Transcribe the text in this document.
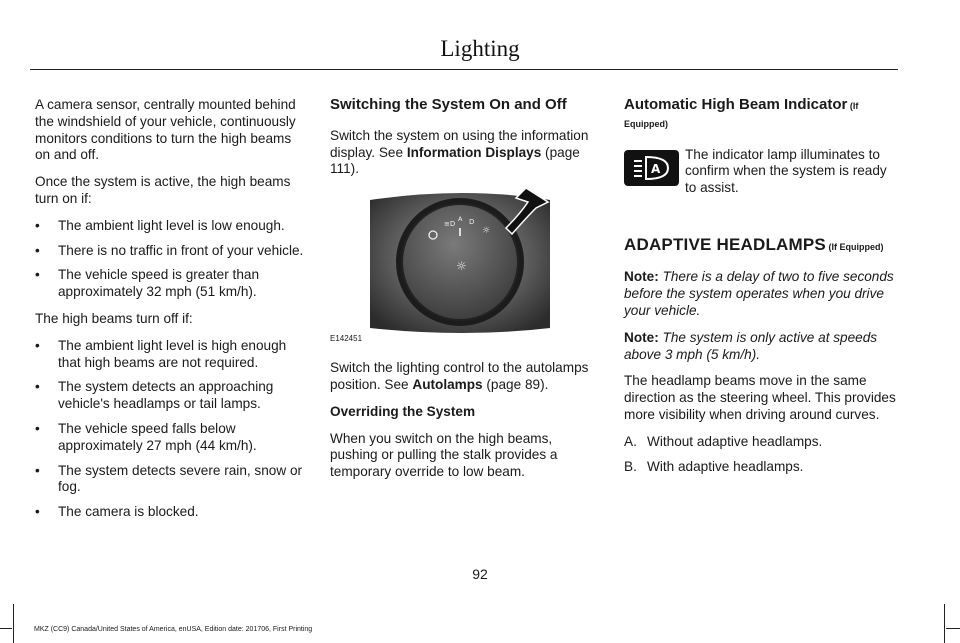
Lighting

A camera sensor, centrally mounted behind the windshield of your vehicle, continuously monitors conditions to turn the high beams on and off.

Once the system is active, the high beams turn on if:

• The ambient light level is low enough.
• There is no traffic in front of your vehicle.
• The vehicle speed is greater than approximately 32 mph (51 km/h).

The high beams turn off if:

• The ambient light level is high enough that high beams are not required.
• The system detects an approaching vehicle's headlamps or tail lamps.
• The vehicle speed falls below approximately 27 mph (44 km/h).
• The system detects severe rain, snow or fog.
• The camera is blocked.
Switching the System On and Off

Switch the system on using the information display. See Information Displays (page 111).

≡D
A D
☼
☼
E142451

Switch the lighting control to the autolamps position. See Autolamps (page 89).

Overriding the System

When you switch on the high beams, pushing or pulling the stalk provides a temporary override to low beam.

Automatic High Beam Indicator (If Equipped)
A
The indicator lamp illuminates to confirm when the system is ready to assist.
ADAPTIVE HEADLAMPS (If Equipped)

Note: There is a delay of two to five seconds before the system operates when you drive your vehicle.

Note: The system is only active at speeds above 3 mph (5 km/h).

The headlamp beams move in the same direction as the steering wheel. This provides more visibility when driving around curves.

A. Without adaptive headlamps.
B. With adaptive headlamps.
92
MKZ (CC9) Canada/United States of America, enUSA, Edition date: 201706, First Printing
